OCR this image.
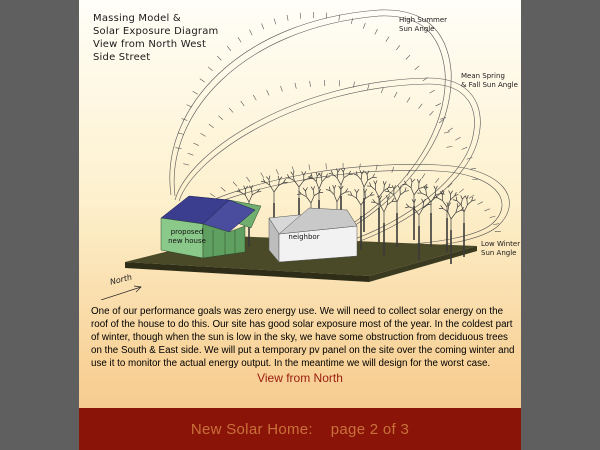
Massing Model &
Solar Exposure Diagram
View from North West
Side Street
High Summer
Sun Angle
Mean Spring
& Fall Sun Angle
Low Winter
Sun Angle
proposed
new house	neighbor
North

One of our performance goals was zero energy use. We will need to collect solar energy on the roof of the house to do this. Our site has good solar exposure most of the year. In the coldest part of winter, though when the sun is low in the sky, we have some obstruction from deciduous trees on the South & East side. We will put a temporary pv panel on the site over the coming winter and use it to monitor the actual energy output. In the meantime we will design for the worst case.

View from North
New Solar Home:    page 2 of 3
